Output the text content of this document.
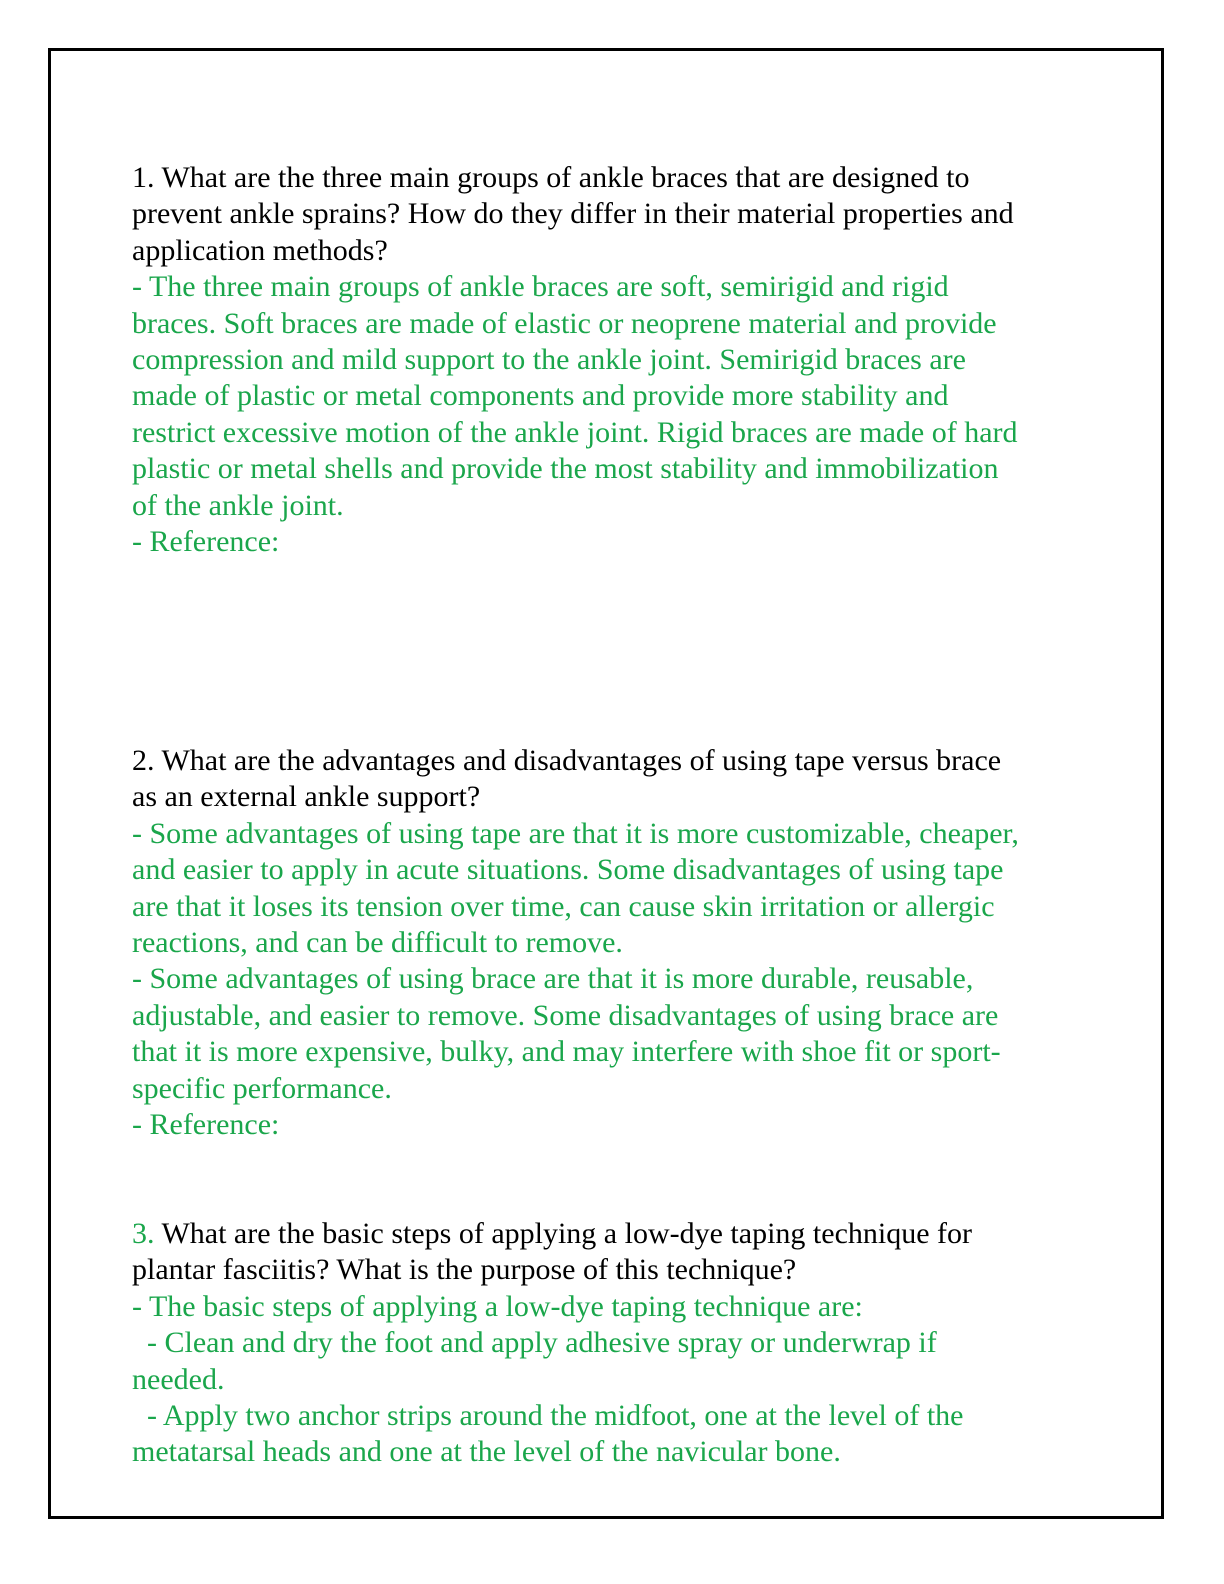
1. What are the three main groups of ankle braces that are designed to
prevent ankle sprains? How do they differ in their material properties and
application methods?
- The three main groups of ankle braces are soft, semirigid and rigid
braces. Soft braces are made of elastic or neoprene material and provide
compression and mild support to the ankle joint. Semirigid braces are
made of plastic or metal components and provide more stability and
restrict excessive motion of the ankle joint. Rigid braces are made of hard
plastic or metal shells and provide the most stability and immobilization
of the ankle joint.
- Reference:
2. What are the advantages and disadvantages of using tape versus brace
as an external ankle support?
- Some advantages of using tape are that it is more customizable, cheaper,
and easier to apply in acute situations. Some disadvantages of using tape
are that it loses its tension over time, can cause skin irritation or allergic
reactions, and can be difficult to remove.
- Some advantages of using brace are that it is more durable, reusable,
adjustable, and easier to remove. Some disadvantages of using brace are
that it is more expensive, bulky, and may interfere with shoe fit or sport-
specific performance.
- Reference:
3. What are the basic steps of applying a low-dye taping technique for
plantar fasciitis? What is the purpose of this technique?
- The basic steps of applying a low-dye taping technique are:
- Clean and dry the foot and apply adhesive spray or underwrap if
needed.
- Apply two anchor strips around the midfoot, one at the level of the
metatarsal heads and one at the level of the navicular bone.
